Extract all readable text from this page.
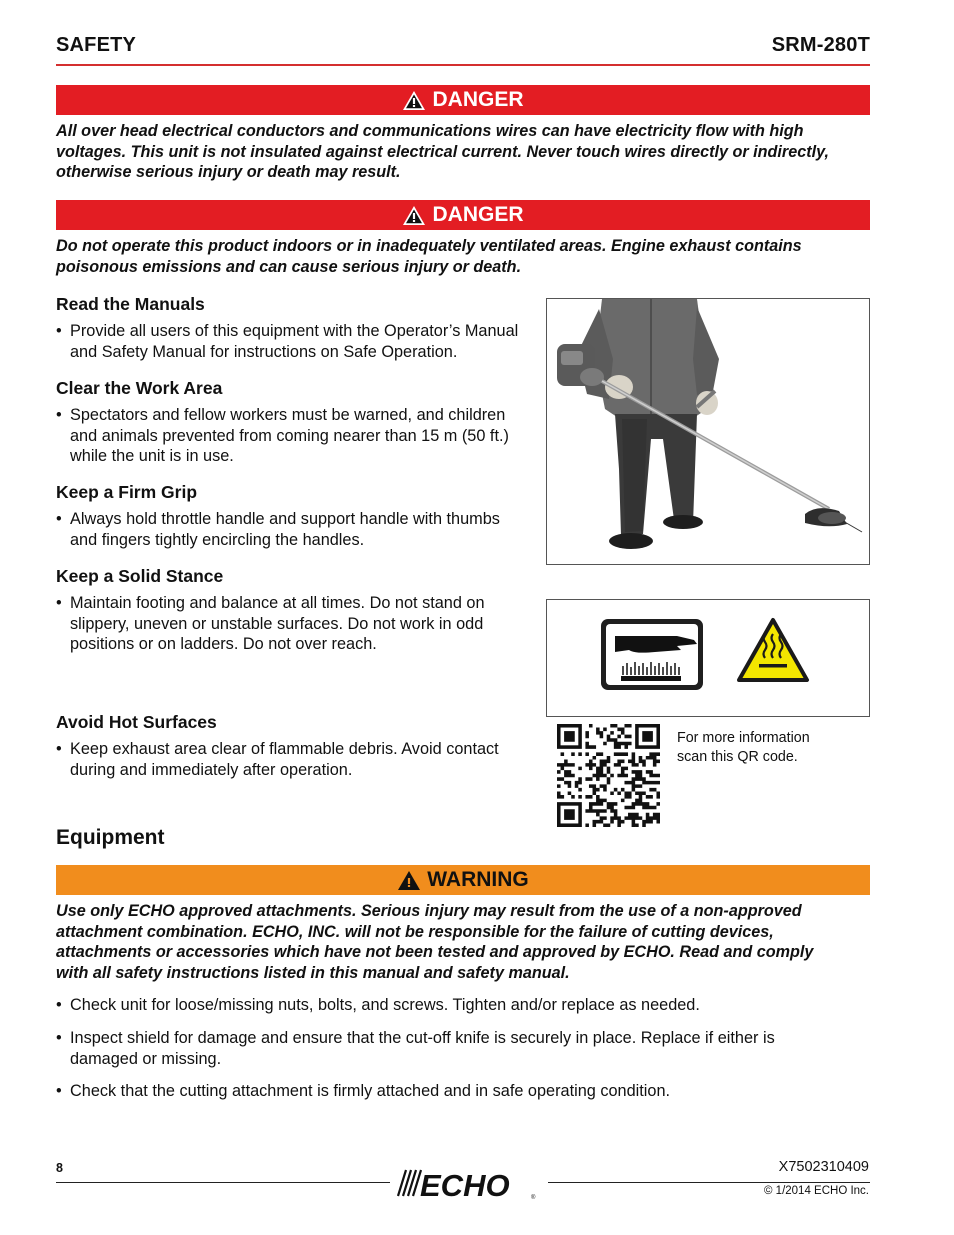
SAFETY	SRM-280T
DANGER
All over head electrical conductors and communications wires can have electricity flow with high
voltages. This unit is not insulated against electrical current. Never touch wires directly or indirectly,
otherwise serious injury or death may result.
DANGER
Do not operate this product indoors or in inadequately ventilated areas. Engine exhaust contains
poisonous emissions and can cause serious injury or death.
Read the Manuals
• Provide all users of this equipment with the Operator’s Manual
and Safety Manual for instructions on Safe Operation.
Clear the Work Area
• Spectators and fellow workers must be warned, and children
and animals prevented from coming nearer than 15 m (50 ft.)
while the unit is in use.
Keep a Firm Grip
• Always hold throttle handle and support handle with thumbs
and fingers tightly encircling the handles.
Keep a Solid Stance
• Maintain footing and balance at all times. Do not stand on
slippery, uneven or unstable surfaces. Do not work in odd
positions or on ladders. Do not over reach.
Avoid Hot Surfaces
• Keep exhaust area clear of flammable debris. Avoid contact
during and immediately after operation.
For more information
scan this QR code.
Equipment
WARNING
Use only ECHO approved attachments. Serious injury may result from the use of a non-approved
attachment combination. ECHO, INC. will not be responsible for the failure of cutting devices,
attachments or accessories which have not been tested and approved by ECHO. Read and comply
with all safety instructions listed in this manual and safety manual.
• Check unit for loose/missing nuts, bolts, and screws. Tighten and/or replace as needed.
• Inspect shield for damage and ensure that the cut-off knife is securely in place. Replace if either is
damaged or missing.
• Check that the cutting attachment is firmly attached and in safe operating condition.
8	ECHO	®
X7502310409
© 1/2014 ECHO Inc.
